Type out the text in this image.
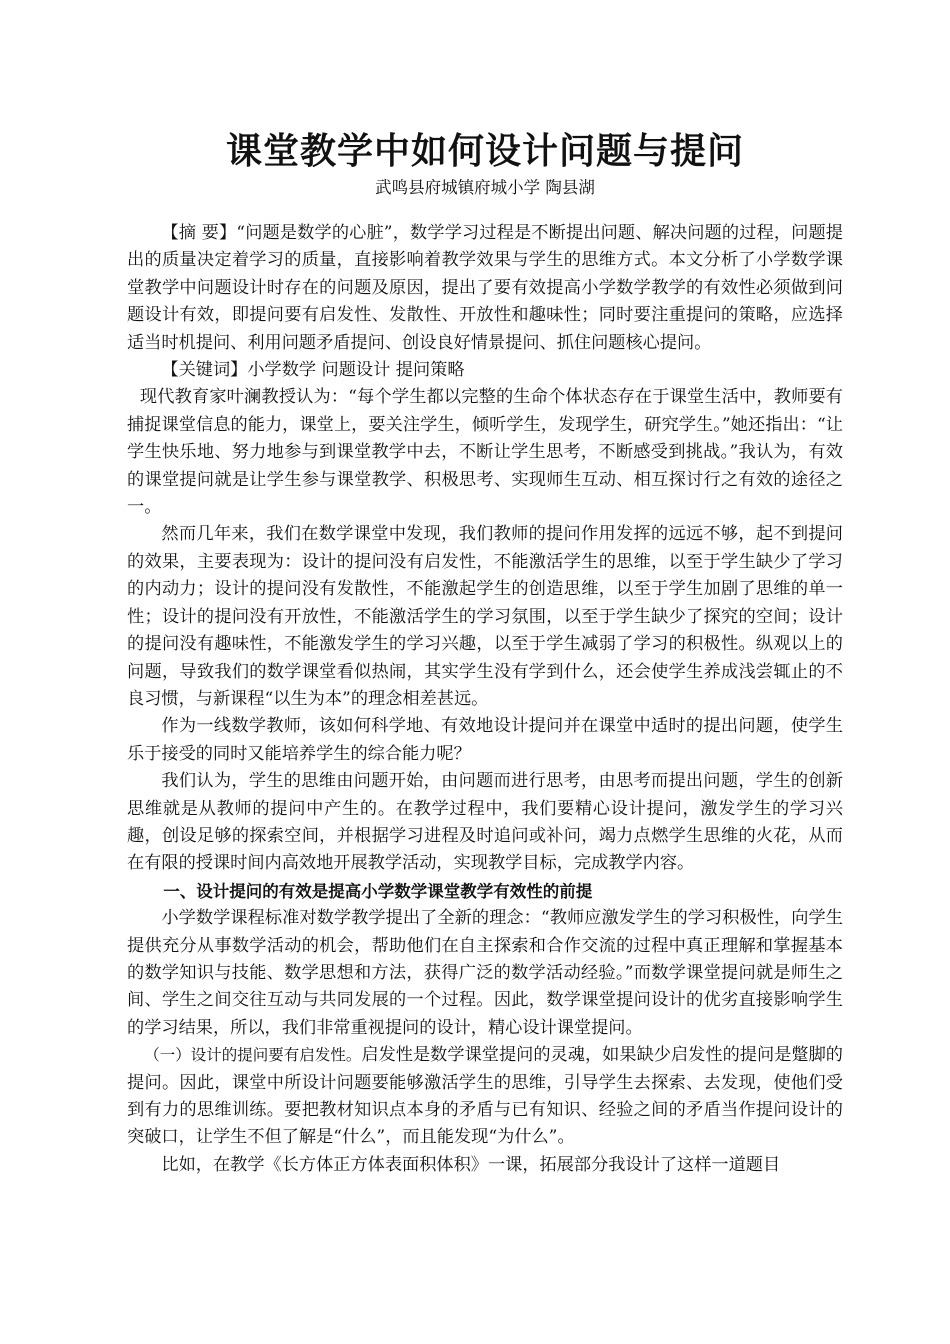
课堂教学中如何设计问题与提问

武鸣县府城镇府城小学 陶县湖

【摘 要】“问题是数学的心脏”，数学学习过程是不断提出问题、解决问题的过程，问题提出的质量决定着学习的质量，直接影响着教学效果与学生的思维方式。本文分析了小学数学课堂教学中问题设计时存在的问题及原因，提出了要有效提高小学数学教学的有效性必须做到问题设计有效，即提问要有启发性、发散性、开放性和趣味性；同时要注重提问的策略，应选择适当时机提问、利用问题矛盾提问、创设良好情景提问、抓住问题核心提问。

【关键词】小学数学 问题设计 提问策略

现代教育家叶澜教授认为：“每个学生都以完整的生命个体状态存在于课堂生活中，教师要有捕捉课堂信息的能力，课堂上，要关注学生，倾听学生，发现学生，研究学生。”她还指出：“让学生快乐地、努力地参与到课堂教学中去，不断让学生思考，不断感受到挑战。”我认为，有效的课堂提问就是让学生参与课堂教学、积极思考、实现师生互动、相互探讨行之有效的途径之一。

然而几年来，我们在数学课堂中发现，我们教师的提问作用发挥的远远不够，起不到提问的效果，主要表现为：设计的提问没有启发性，不能激活学生的思维，以至于学生缺少了学习的内动力；设计的提问没有发散性，不能激起学生的创造思维，以至于学生加剧了思维的单一性；设计的提问没有开放性，不能激活学生的学习氛围，以至于学生缺少了探究的空间；设计的提问没有趣味性，不能激发学生的学习兴趣，以至于学生减弱了学习的积极性。纵观以上的问题，导致我们的数学课堂看似热闹，其实学生没有学到什么，还会使学生养成浅尝辄止的不良习惯，与新课程“以生为本”的理念相差甚远。

作为一线数学教师，该如何科学地、有效地设计提问并在课堂中适时的提出问题，使学生乐于接受的同时又能培养学生的综合能力呢？

我们认为，学生的思维由问题开始，由问题而进行思考，由思考而提出问题，学生的创新思维就是从教师的提问中产生的。在教学过程中，我们要精心设计提问，激发学生的学习兴趣，创设足够的探索空间，并根据学习进程及时追问或补问，竭力点燃学生思维的火花，从而在有限的授课时间内高效地开展教学活动，实现教学目标，完成教学内容。

一、设计提问的有效是提高小学数学课堂教学有效性的前提

小学数学课程标准对数学教学提出了全新的理念：“教师应激发学生的学习积极性，向学生提供充分从事数学活动的机会，帮助他们在自主探索和合作交流的过程中真正理解和掌握基本的数学知识与技能、数学思想和方法，获得广泛的数学活动经验。”而数学课堂提问就是师生之间、学生之间交往互动与共同发展的一个过程。因此，数学课堂提问设计的优劣直接影响学生的学习结果，所以，我们非常重视提问的设计，精心设计课堂提问。

（一）设计的提问要有启发性。启发性是数学课堂提问的灵魂，如果缺少启发性的提问是蹩脚的提问。因此，课堂中所设计问题要能够激活学生的思维，引导学生去探索、去发现，使他们受到有力的思维训练。要把教材知识点本身的矛盾与已有知识、经验之间的矛盾当作提问设计的突破口，让学生不但了解是“什么”，而且能发现“为什么”。

比如，在教学《长方体正方体表面积体积》一课，拓展部分我设计了这样一道题目
